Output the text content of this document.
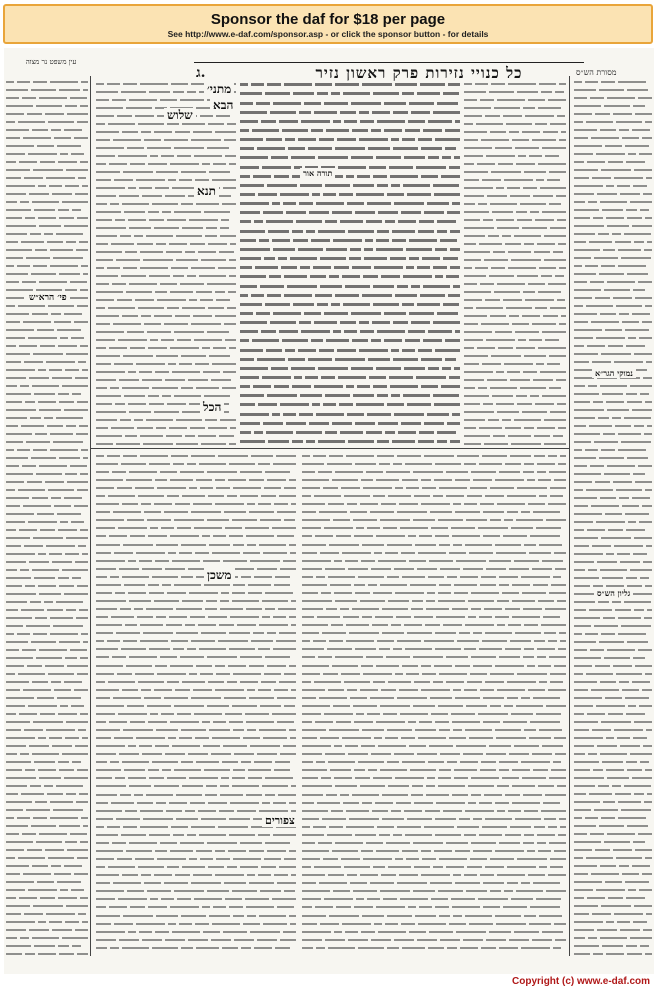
Sponsor the daf for $18 per page
See http://www.e-daf.com/sponsor.asp - or click the sponsor button - for details
עין משפט נר מצוה
ג.	כל כנויי נזירות פרק ראשון נזיר	מסורת הש״ס
מתני׳
הבא
שלוש
תנא
הכל
משכן
צפורים
פי׳ הרא״ש
נמוקי הגר״א
גליון הש״ס
תורה אור
Copyright (c) www.e-daf.com
